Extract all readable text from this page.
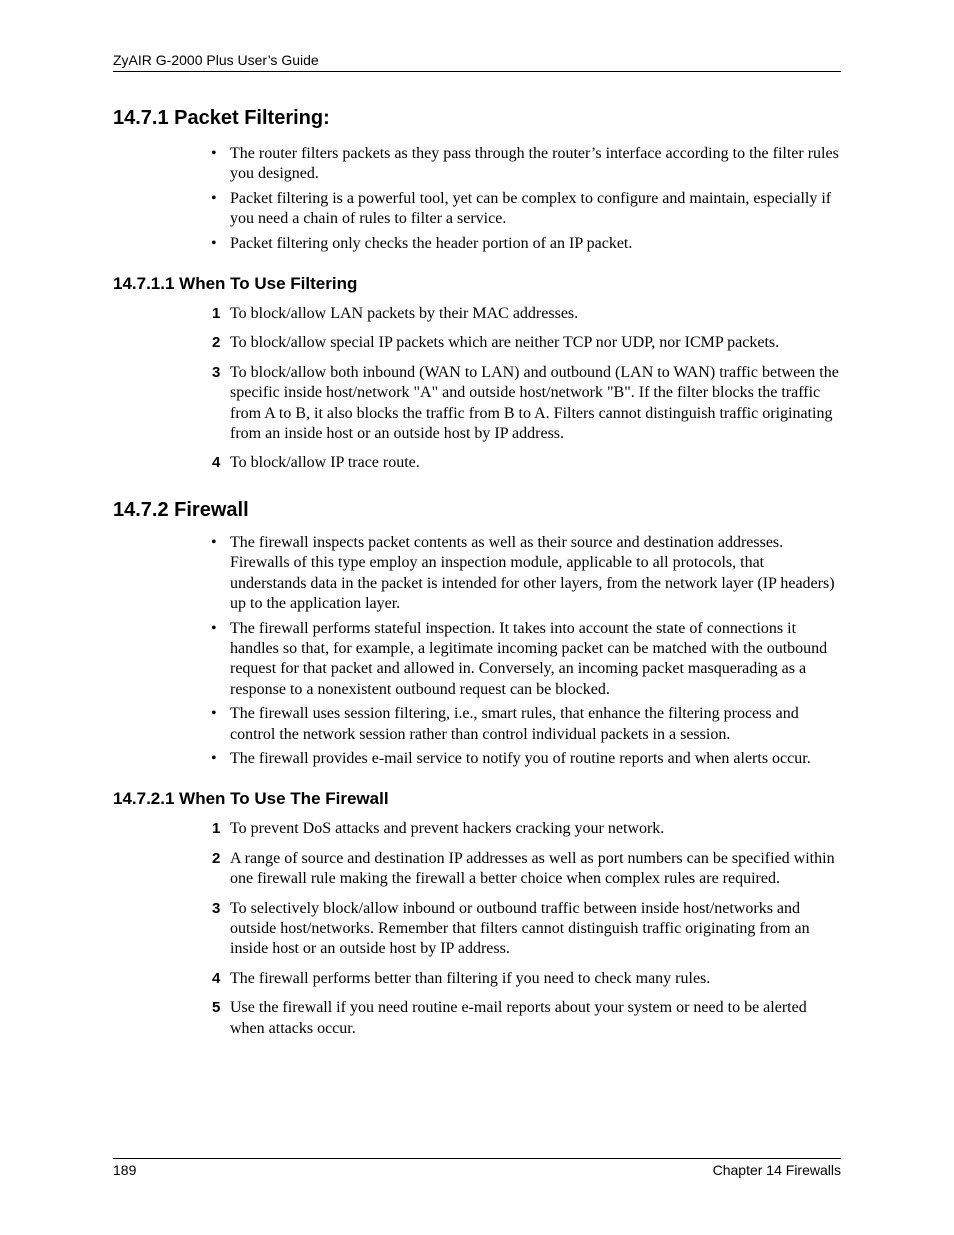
ZyAIR G-2000 Plus User’s Guide
14.7.1 Packet Filtering:
• The router filters packets as they pass through the router’s interface according to the filter rules you designed.
• Packet filtering is a powerful tool, yet can be complex to configure and maintain, especially if you need a chain of rules to filter a service.
• Packet filtering only checks the header portion of an IP packet.
14.7.1.1 When To Use Filtering
1 To block/allow LAN packets by their MAC addresses.
2 To block/allow special IP packets which are neither TCP nor UDP, nor ICMP packets.
3 To block/allow both inbound (WAN to LAN) and outbound (LAN to WAN) traffic between the specific inside host/network "A" and outside host/network "B". If the filter blocks the traffic from A to B, it also blocks the traffic from B to A. Filters cannot distinguish traffic originating from an inside host or an outside host by IP address.
4 To block/allow IP trace route.
14.7.2 Firewall
• The firewall inspects packet contents as well as their source and destination addresses. Firewalls of this type employ an inspection module, applicable to all protocols, that understands data in the packet is intended for other layers, from the network layer (IP headers) up to the application layer.
• The firewall performs stateful inspection. It takes into account the state of connections it handles so that, for example, a legitimate incoming packet can be matched with the outbound request for that packet and allowed in. Conversely, an incoming packet masquerading as a response to a nonexistent outbound request can be blocked.
• The firewall uses session filtering, i.e., smart rules, that enhance the filtering process and control the network session rather than control individual packets in a session.
• The firewall provides e-mail service to notify you of routine reports and when alerts occur.
14.7.2.1 When To Use The Firewall
1 To prevent DoS attacks and prevent hackers cracking your network.
2 A range of source and destination IP addresses as well as port numbers can be specified within one firewall rule making the firewall a better choice when complex rules are required.
3 To selectively block/allow inbound or outbound traffic between inside host/networks and outside host/networks. Remember that filters cannot distinguish traffic originating from an inside host or an outside host by IP address.
4 The firewall performs better than filtering if you need to check many rules.
5 Use the firewall if you need routine e-mail reports about your system or need to be alerted when attacks occur.
189	Chapter 14 Firewalls
